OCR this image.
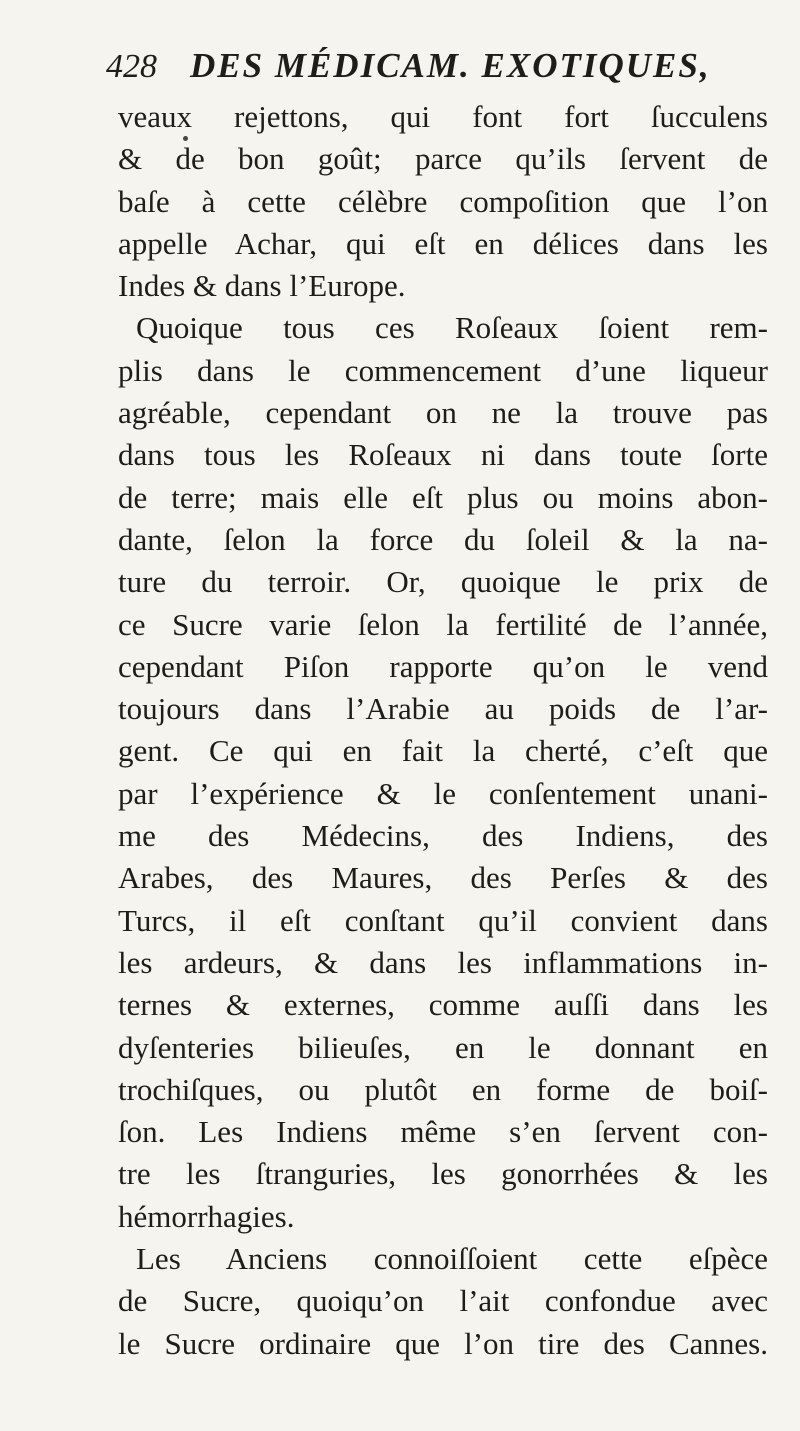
428 DES MÉDICAM. EXOTIQUES,
veaux rejettons, qui font fort ſucculens
& de bon goût; parce qu’ils ſervent de
baſe à cette célèbre compoſition que l’on
appelle Achar, qui eſt en délices dans les
Indes & dans l’Europe.
Quoique tous ces Roſeaux ſoient rem-
plis dans le commencement d’une liqueur
agréable, cependant on ne la trouve pas
dans tous les Roſeaux ni dans toute ſorte
de terre; mais elle eſt plus ou moins abon-
dante, ſelon la force du ſoleil & la na-
ture du terroir. Or, quoique le prix de
ce Sucre varie ſelon la fertilité de l’année,
cependant Piſon rapporte qu’on le vend
toujours dans l’Arabie au poids de l’ar-
gent. Ce qui en fait la cherté, c’eſt que
par l’expérience & le conſentement unani-
me des Médecins, des Indiens, des
Arabes, des Maures, des Perſes & des
Turcs, il eſt conſtant qu’il convient dans
les ardeurs, & dans les inflammations in-
ternes & externes, comme auſſi dans les
dyſenteries bilieuſes, en le donnant en
trochiſques, ou plutôt en forme de boiſ-
ſon. Les Indiens même s’en ſervent con-
tre les ſtranguries, les gonorrhées & les
hémorrhagies.
Les Anciens connoiſſoient cette eſpèce
de Sucre, quoiqu’on l’ait confondue avec
le Sucre ordinaire que l’on tire des Cannes.
